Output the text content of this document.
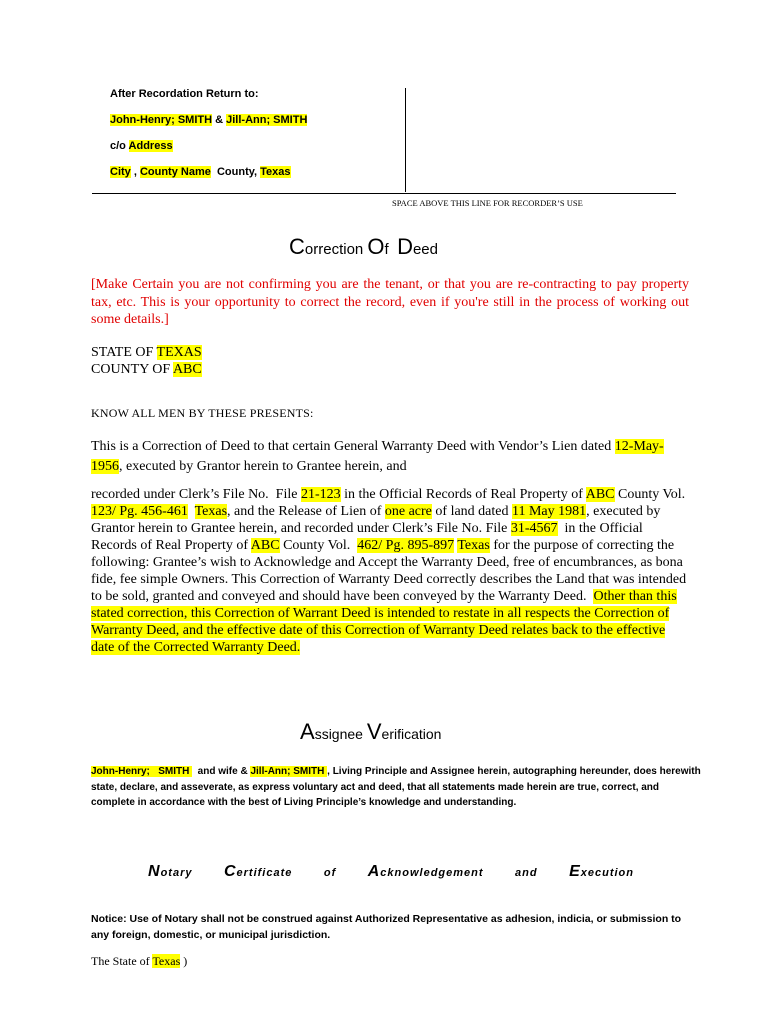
After Recordation Return to:
John-Henry; SMITH & Jill-Ann; SMITH
c/o Address
City , County Name  County, Texas
SPACE ABOVE THIS LINE FOR RECORDER’S USE
Correction Of  Deed
[Make Certain you are not confirming you are the tenant, or that you are re-contracting to pay property tax, etc. This is your opportunity to correct the record, even if you're still in the process of working out some details.]
STATE OF TEXAS
COUNTY OF ABC
KNOW ALL MEN BY THESE PRESENTS:
This is a Correction of Deed to that certain General Warranty Deed with Vendor’s Lien dated 12-May-1956, executed by Grantor herein to Grantee herein, and
recorded under Clerk’s File No.  File 21-123 in the Official Records of Real Property of ABC County Vol. 123/ Pg. 456-461 Texas, and the Release of Lien of one acre of land dated 11 May 1981, executed by Grantor herein to Grantee herein, and recorded under Clerk’s File No. File 31-4567  in the Official Records of Real Property of ABC County Vol.  462/ Pg. 895-897 Texas for the purpose of correcting the following: Grantee’s wish to Acknowledge and Accept the Warranty Deed, free of encumbrances, as bona fide, fee simple Owners. This Correction of Warranty Deed correctly describes the Land that was intended to be sold, granted and conveyed and should have been conveyed by the Warranty Deed.  Other than this stated correction, this Correction of Warrant Deed is intended to restate in all respects the Correction of Warranty Deed, and the effective date of this Correction of Warranty Deed relates back to the effective date of the Corrected Warranty Deed.
Assignee Verification
John-Henry;   SMITH   and wife & Jill-Ann; SMITH , Living Principle and Assignee herein, autographing hereunder, does herewith state, declare, and asseverate, as express voluntary act and deed, that all statements made herein are true, correct, and complete in accordance with the best of Living Principle’s knowledge and understanding.
Notary Certificate	of Acknowledgement	and Execution
Notice: Use of Notary shall not be construed against Authorized Representative as adhesion, indicia, or submission to any foreign, domestic, or municipal jurisdiction.
The State of Texas )
